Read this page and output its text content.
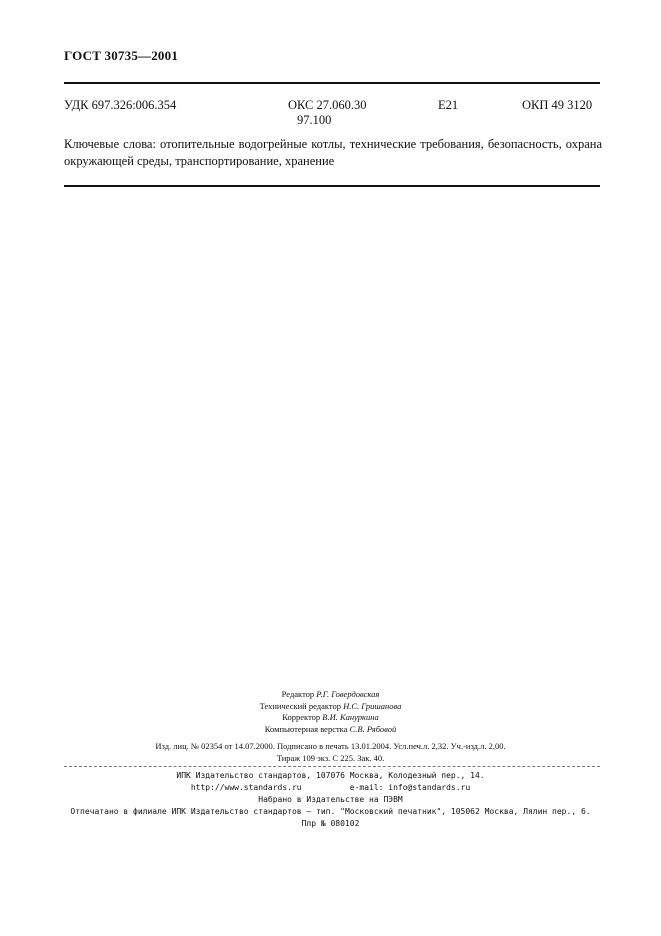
ГОСТ 30735—2001
УДК 697.326:006.354	ОКС 27.060.30
97.100
Е21	ОКП 49 3120
Ключевые слова: отопительные водогрейные котлы, технические требования, безопасность, охрана окружающей среды, транспортирование, хранение
Редактор Р.Г. Говердовская
Технический редактор Н.С. Гришанова
Корректор В.И. Кануркина
Компьютерная верстка С.В. Рябовой
Изд. лиц. № 02354 от 14.07.2000. Подписано в печать 13.01.2004. Усл.печ.л. 2,32. Уч.-изд.л. 2,00.
Тираж 109 экз. С 225. Зак. 40.
ИПК Издательство стандартов, 107076 Москва, Колодезный пер., 14.
http://www.standards.ru          e-mail: info@standards.ru
Набрано в Издательстве на ПЭВМ
Отпечатано в филиале ИПК Издательство стандартов — тип. "Московский печатник", 105062 Москва, Лялин пер., 6.
Плр № 080102
